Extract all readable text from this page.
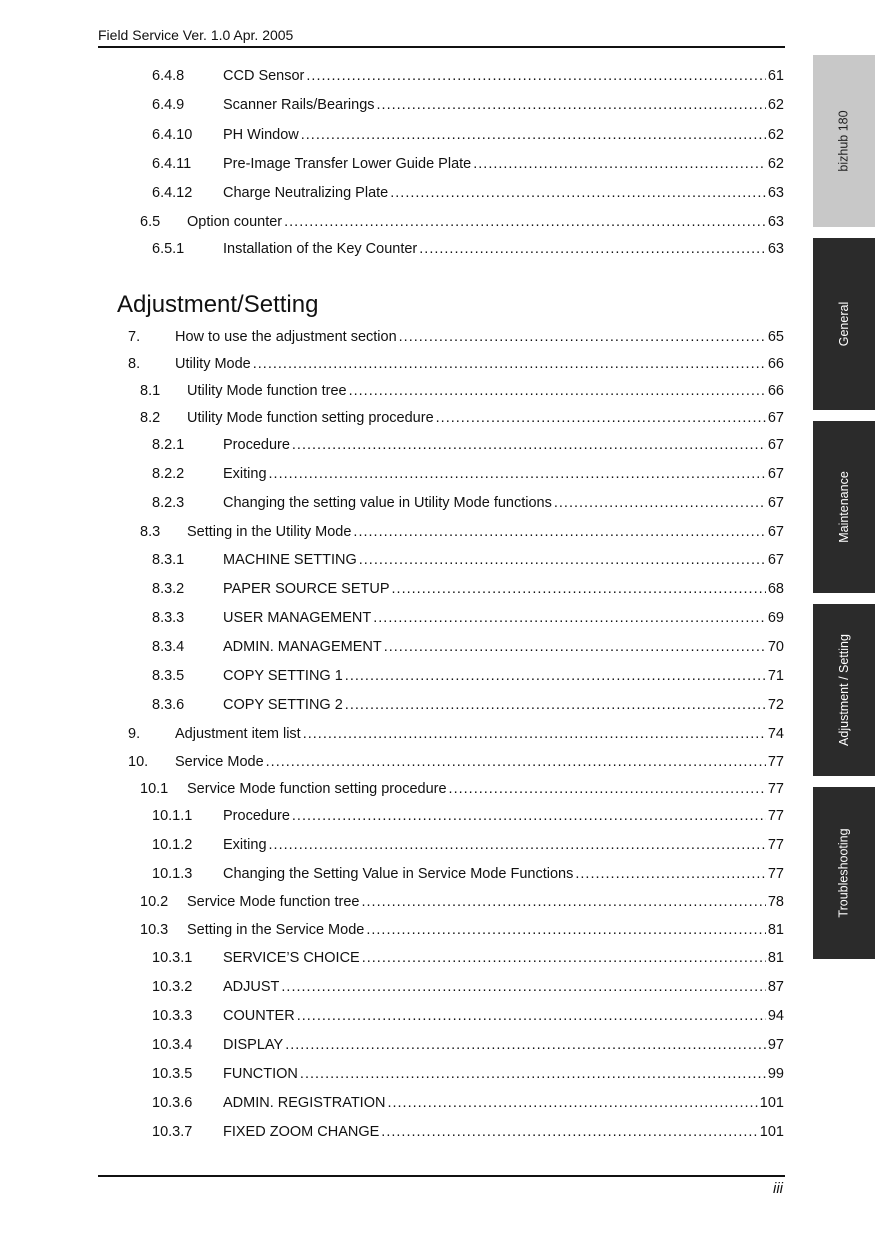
Field Service Ver. 1.0 Apr. 2005
Adjustment/Setting
6.4.8	CCD Sensor .....	61
6.4.9	Scanner Rails/Bearings .....	62
6.4.10	PH Window .....	62
6.4.11	Pre-Image Transfer Lower Guide Plate .....	62
6.4.12	Charge Neutralizing Plate .....	63
6.5	Option counter .....	63
6.5.1	Installation of the Key Counter .....	63
7.	How to use the adjustment section .....	65
8.	Utility Mode .....	66
8.1	Utility Mode function tree .....	66
8.2	Utility Mode function setting procedure .....	67
8.2.1	Procedure .....	67
8.2.2	Exiting .....	67
8.2.3	Changing the setting value in Utility Mode functions .....	67
8.3	Setting in the Utility Mode .....	67
8.3.1	MACHINE SETTING .....	67
8.3.2	PAPER SOURCE SETUP .....	68
8.3.3	USER MANAGEMENT .....	69
8.3.4	ADMIN. MANAGEMENT .....	70
8.3.5	COPY SETTING 1 .....	71
8.3.6	COPY SETTING 2 .....	72
9.	Adjustment item list .....	74
10.	Service Mode .....	77
10.1	Service Mode function setting procedure .....	77
10.1.1	Procedure .....	77
10.1.2	Exiting .....	77
10.1.3	Changing the Setting Value in Service Mode Functions .....	77
10.2	Service Mode function tree .....	78
10.3	Setting in the Service Mode .....	81
10.3.1	SERVICE’S CHOICE .....	81
10.3.2	ADJUST .....	87
10.3.3	COUNTER .....	94
10.3.4	DISPLAY .....	97
10.3.5	FUNCTION .....	99
10.3.6	ADMIN. REGISTRATION .....	101
10.3.7	FIXED ZOOM CHANGE .....	101
bizhub 180
General
Maintenance
Adjustment / Setting
Troubleshooting
iii
